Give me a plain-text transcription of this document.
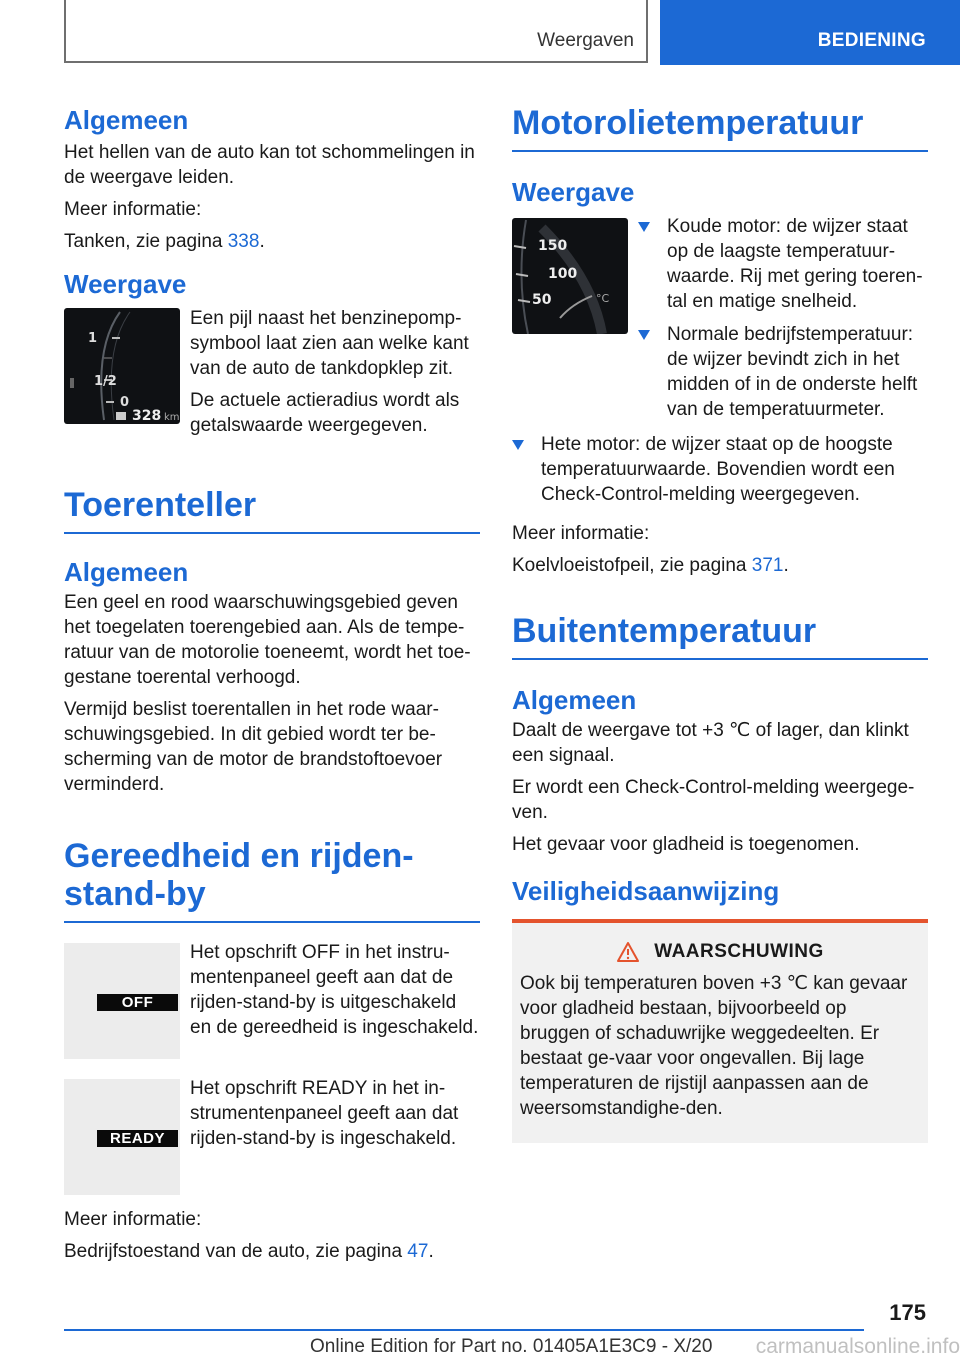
Weergaven	BEDIENING
Algemeen

Het hellen van de auto kan tot schommelingen in de weergave leiden.

Meer informatie:

Tanken, zie pagina 338.

Weergave
1
1/2
0
328 km

Een pijl naast het benzinepomp-symbool laat zien aan welke kant van de auto de tankdopklep zit.

De actuele actieradius wordt als getalswaarde weergegeven.

Toerenteller
Algemeen

Een geel en rood waarschuwingsgebied geven het toegelaten toerengebied aan. Als de tempe-ratuur van de motorolie toeneemt, wordt het toe-gestane toerental verhoogd.

Vermijd beslist toerentallen in het rode waar-schuwingsgebied. In dit gebied wordt ter be-scherming van de motor de brandstoftoevoer verminderd.

Gereedheid en rijden-
stand-by
OFF

Het opschrift OFF in het instru-mentenpaneel geeft aan dat de rijden-stand-by is uitgeschakeld en de gereedheid is ingeschakeld.

READY

Het opschrift READY in het in-strumentenpaneel geeft aan dat rijden-stand-by is ingeschakeld.

Meer informatie:

Bedrijfstoestand van de auto, zie pagina 47.

Motorolietemperatuur
Weergave
150
100
50	°C
Koude motor: de wijzer staat op de laagste temperatuur-waarde. Rij met gering toeren-tal en matige snelheid.
Normale bedrijfstemperatuur: de wijzer bevindt zich in het midden of in de onderste helft van de temperatuurmeter.
Hete motor: de wijzer staat op de hoogste temperatuurwaarde. Bovendien wordt een Check-Control-melding weergegeven.

Meer informatie:

Koelvloeistofpeil, zie pagina 371.

Buitentemperatuur
Algemeen

Daalt de weergave tot +3 ℃ of lager, dan klinkt een signaal.

Er wordt een Check-Control-melding weergege-ven.

Het gevaar voor gladheid is toegenomen.

Veiligheidsaanwijzing
WAARSCHUWING

Ook bij temperaturen boven +3 ℃ kan gevaar voor gladheid bestaan, bijvoorbeeld op bruggen of schaduwrijke weggedeelten. Er bestaat ge-vaar voor ongevallen. Bij lage temperaturen de rijstijl aanpassen aan de weersomstandighe-den.

175
Online Edition for Part no. 01405A1E3C9 - X/20 carmanualsonline.info
